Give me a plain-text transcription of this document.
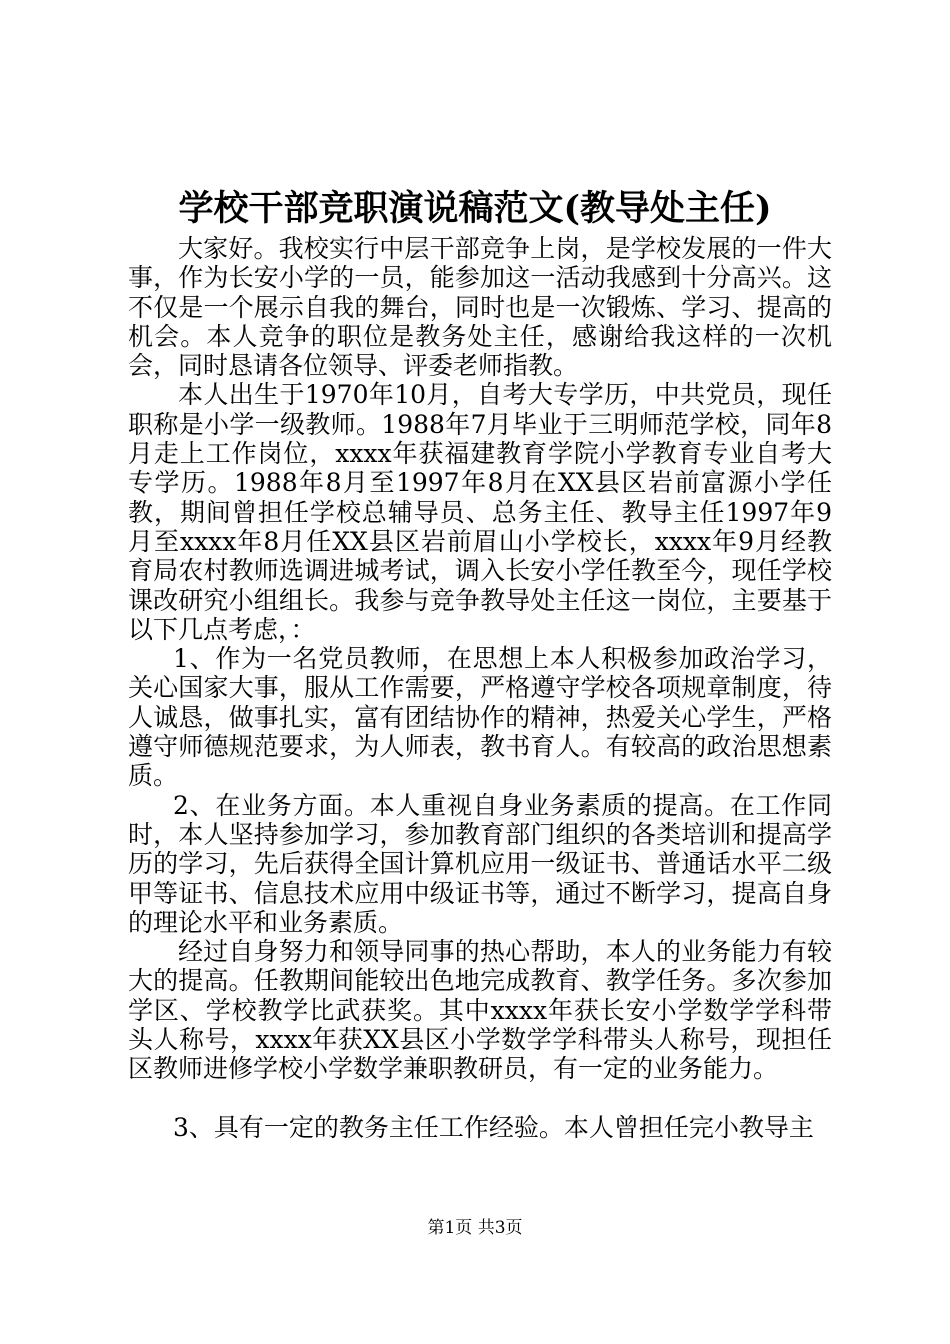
学校干部竞职演说稿范文(教导处主任)

大家好。我校实行中层干部竞争上岗，是学校发展的一件大事，作为长安小学的一员，能参加这一活动我感到十分高兴。这不仅是一个展示自我的舞台，同时也是一次锻炼、学习、提高的机会。本人竞争的职位是教务处主任，感谢给我这样的一次机会，同时恳请各位领导、评委老师指教。

本人出生于1970年10月，自考大专学历，中共党员，现任职称是小学一级教师。1988年7月毕业于三明师范学校，同年8月走上工作岗位，xxxx年获福建教育学院小学教育专业自考大专学历。1988年8月至1997年8月在XX县区岩前富源小学任教，期间曾担任学校总辅导员、总务主任、教导主任1997年9月至xxxx年8月任XX县区岩前眉山小学校长，xxxx年9月经教育局农村教师选调进城考试，调入长安小学任教至今，现任学校课改研究小组组长。我参与竞争教导处主任这一岗位，主要基于以下几点考虑，：

1、作为一名党员教师，在思想上本人积极参加政治学习，关心国家大事，服从工作需要，严格遵守学校各项规章制度，待人诚恳，做事扎实，富有团结协作的精神，热爱关心学生，严格遵守师德规范要求，为人师表，教书育人。有较高的政治思想素质。

2、在业务方面。本人重视自身业务素质的提高。在工作同时，本人坚持参加学习，参加教育部门组织的各类培训和提高学历的学习，先后获得全国计算机应用一级证书、普通话水平二级甲等证书、信息技术应用中级证书等，通过不断学习，提高自身的理论水平和业务素质。

经过自身努力和领导同事的热心帮助，本人的业务能力有较大的提高。任教期间能较出色地完成教育、教学任务。多次参加学区、学校教学比武获奖。其中xxxx年获长安小学数学学科带头人称号，xxxx年获XX县区小学数学学科带头人称号，现担任区教师进修学校小学数学兼职教研员，有一定的业务能力。

3、具有一定的教务主任工作经验。本人曾担任完小教导主

第1页 共3页
